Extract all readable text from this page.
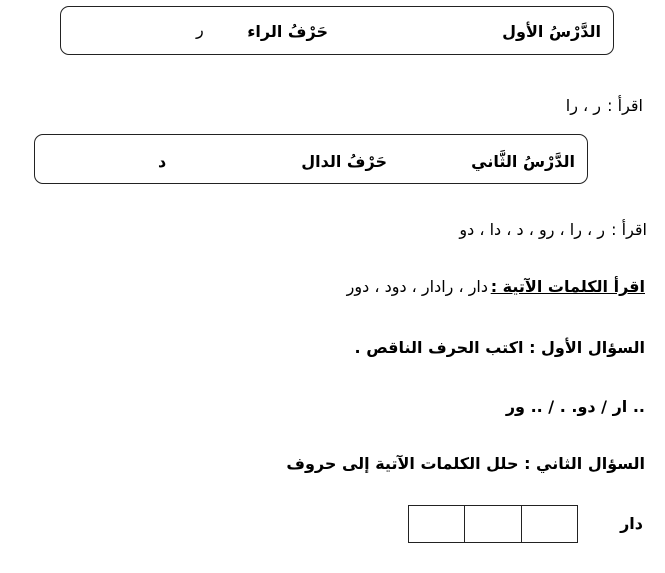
الدَّرْسُ الأول
حَرْفُ الراء
ر
اقرأ :
ر ، را
الدَّرْسُ الثَّاني
حَرْفُ الدال
د
اقرأ :
ر ، را ، رو ، د ، دا ، دو
اقرأ الكلمات الآتية :
دار ، رادار ، دود ، دور
السؤال الأول : اكتب الحرف الناقص .
.. ار / دو. . / .. ور
السؤال الثاني : حلل الكلمات الآتية إلى حروف
دار
